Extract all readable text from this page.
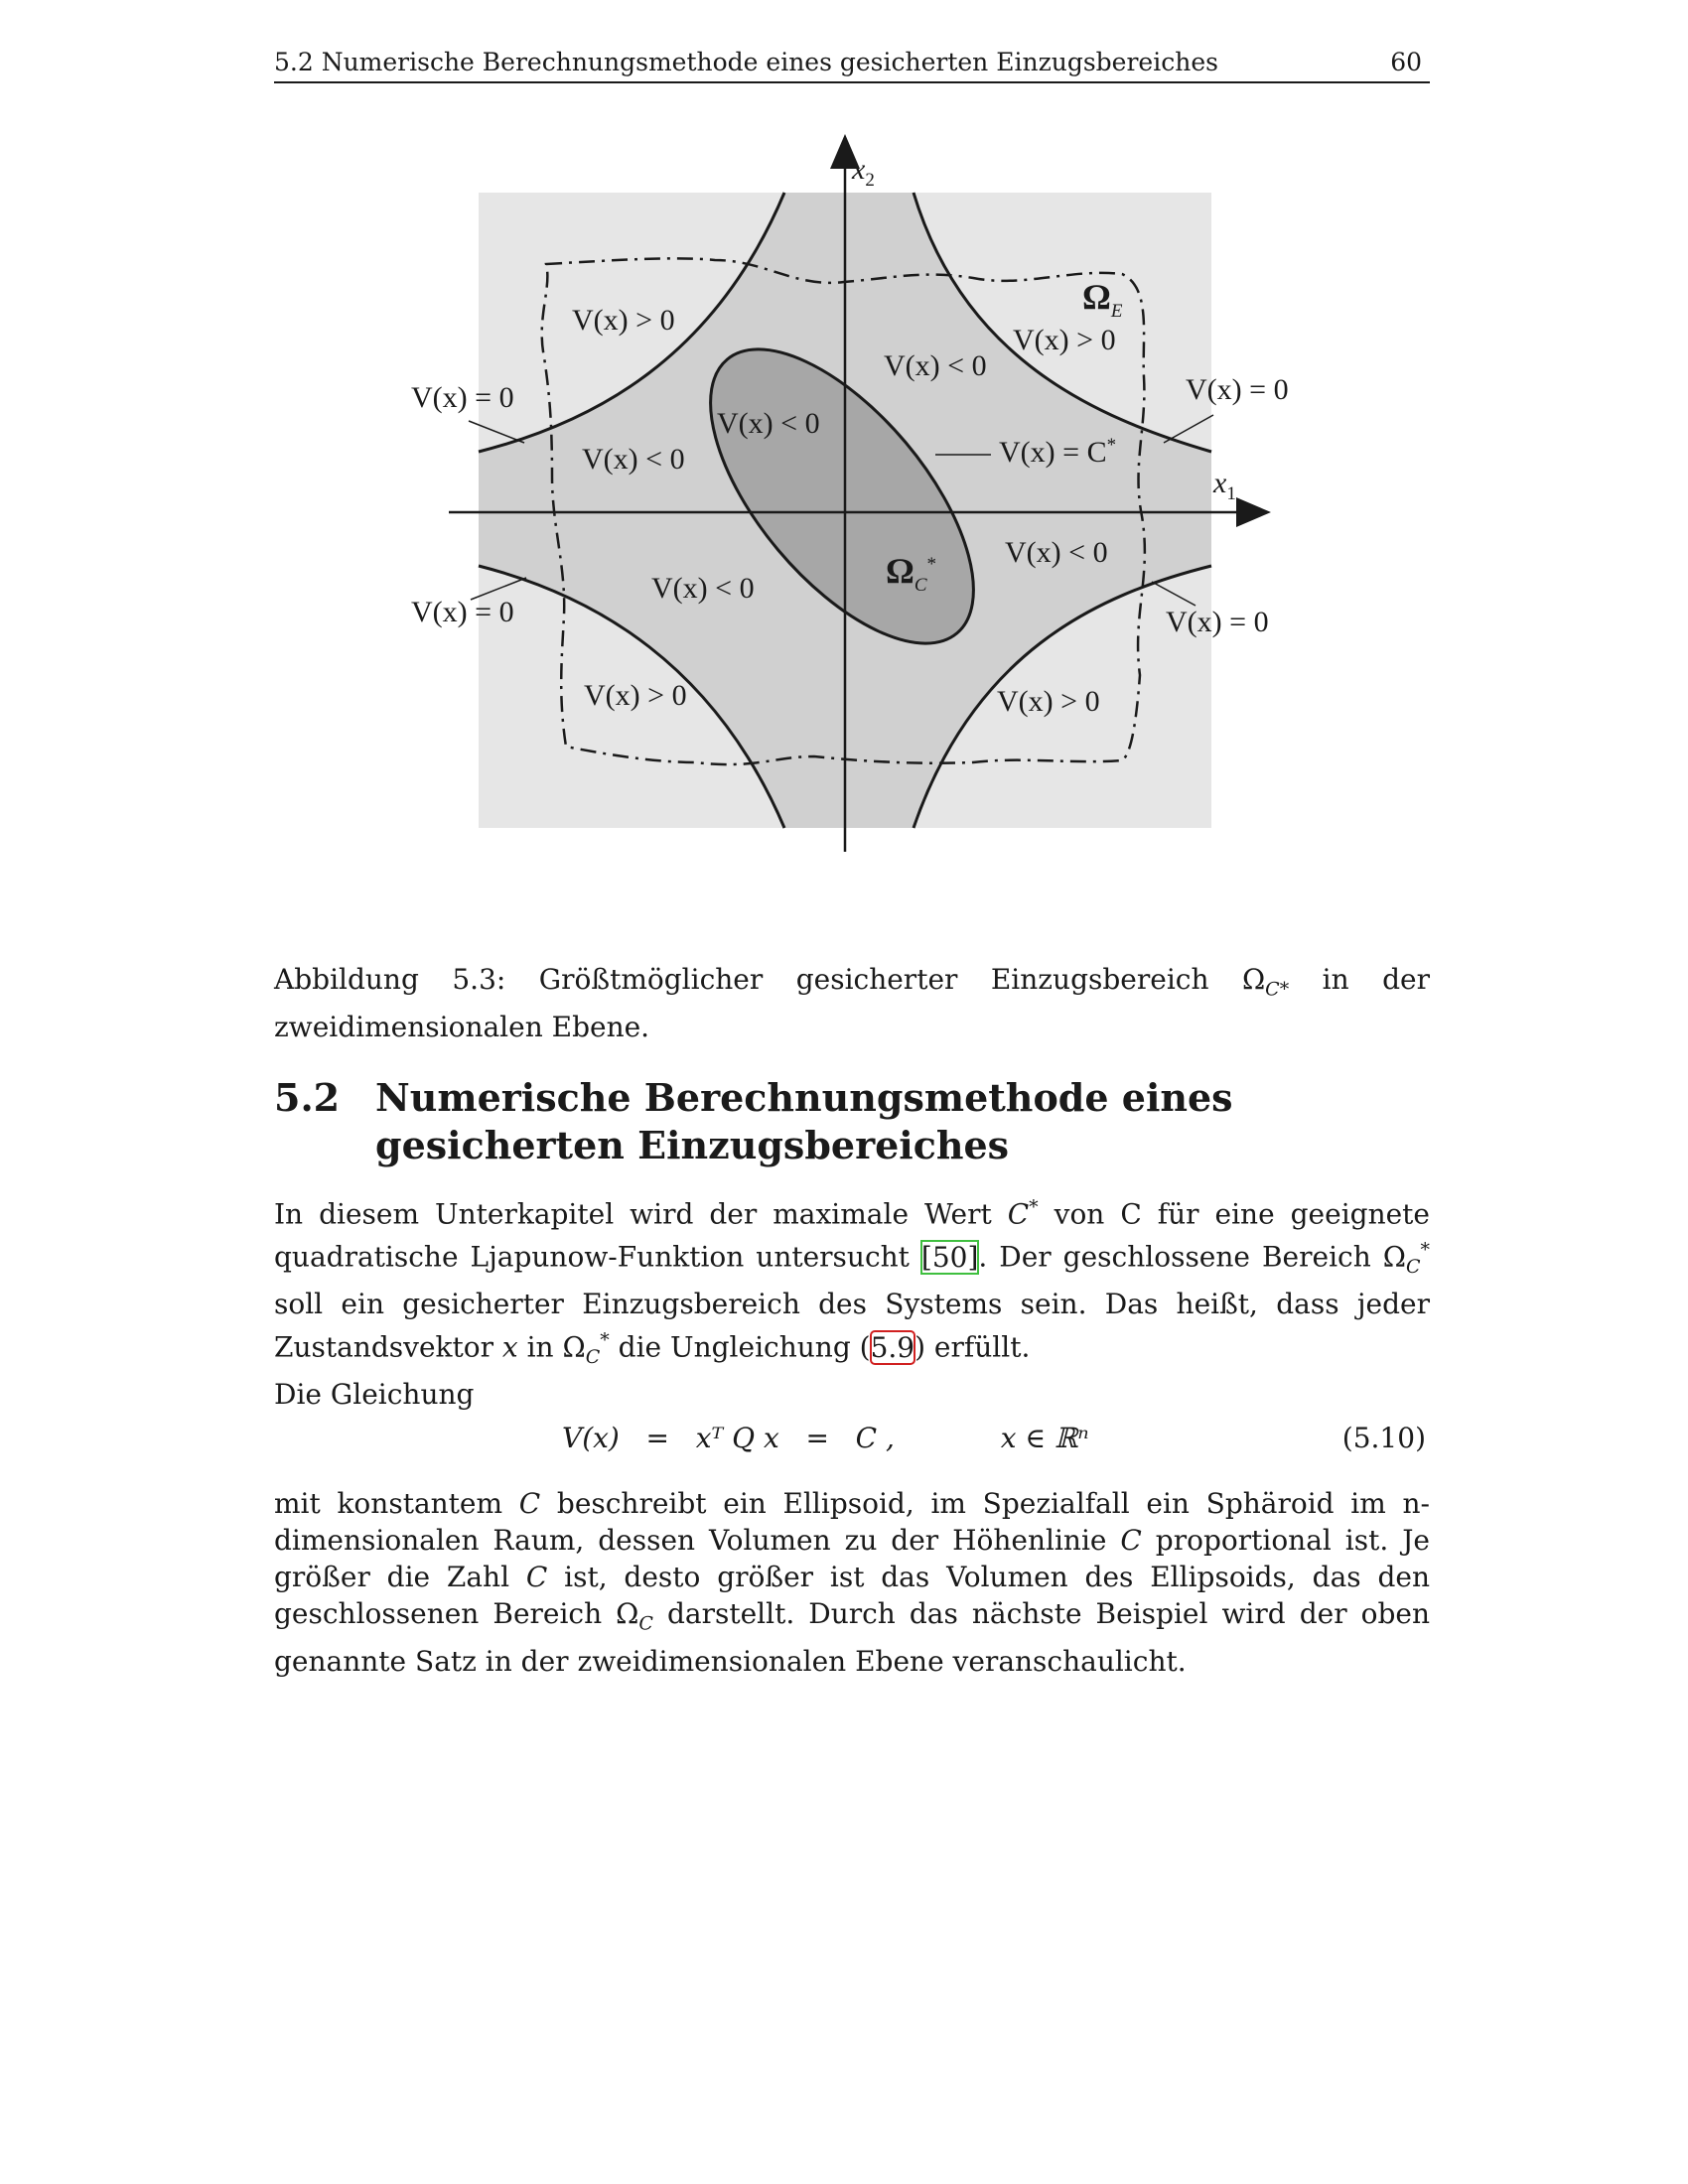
5.2 Numerische Berechnungsmethode eines gesicherten Einzugsbereiches	60
$x_2$
$x_1$
$\Omega_E$
$\Omega_C^*$
V(x) = C*
V(x) > 0
V(x) > 0
V(x) > 0	V(x) > 0
V(x) < 0
V(x) < 0
V(x) < 0
V(x) < 0
V(x) < 0
V(x) = 0	V(x) = 0
V(x) = 0	V(x) = 0
Abbildung 5.3: Größtmöglicher gesicherter Einzugsbereich $\Omega_{C*}$ in der zweidimensionalen Ebene.
5.2 Numerische Berechnungsmethode eines gesicherten Einzugsbereiches
In diesem Unterkapitel wird der maximale Wert C* von C für eine geeignete quadratische Ljapunow-Funktion untersucht [50]. Der geschlossene Bereich $\Omega_C^*$ soll ein gesicherter Einzugsbereich des Systems sein. Das heißt, dass jeder Zustandsvektor x in $\Omega_C^*$ die Ungleichung (5.9) erfüllt.
Die Gleichung
V(x)   =   xᵀ Q x   =   C ,            x ∈ ℝⁿ	(5.10)
mit konstantem C beschreibt ein Ellipsoid, im Spezialfall ein Sphäroid im n-dimensionalen Raum, dessen Volumen zu der Höhenlinie C proportional ist. Je größer die Zahl C ist, desto größer ist das Volumen des Ellipsoids, das den geschlossenen Bereich $\Omega_C$ darstellt. Durch das nächste Beispiel wird der oben genannte Satz in der zweidimensionalen Ebene veranschaulicht.
